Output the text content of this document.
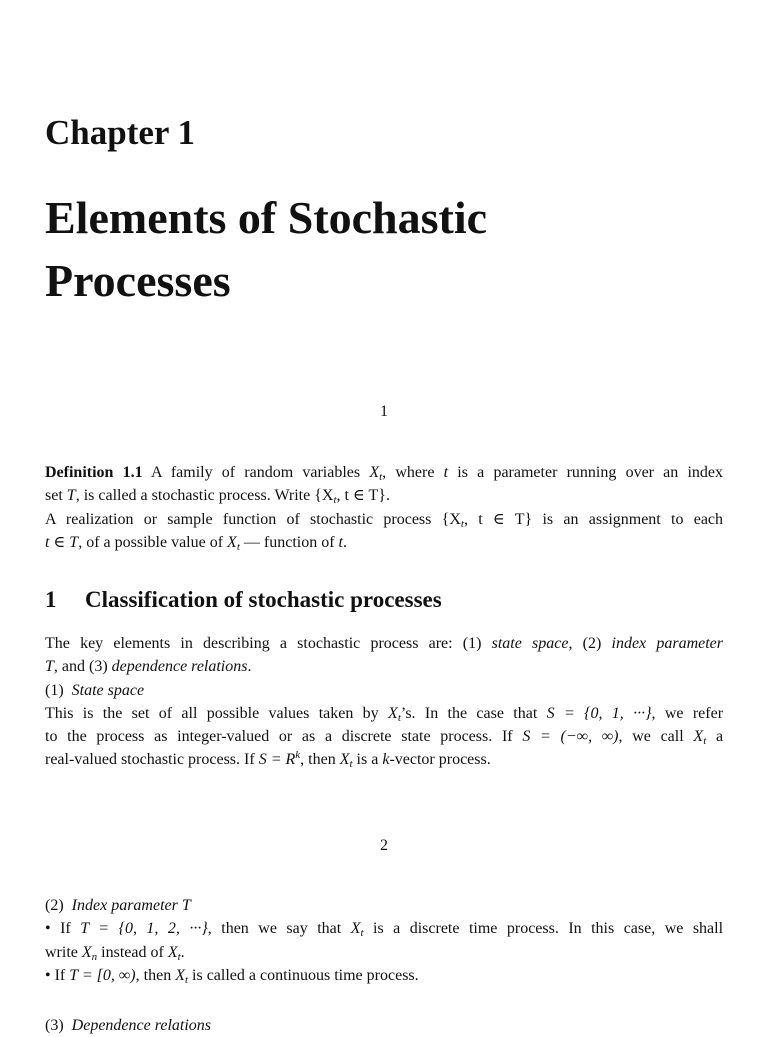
Chapter 1
Elements of Stochastic
Processes
1

Definition 1.1 A family of random variables $X_t$, where t is a parameter running over an index
set T, is called a stochastic process. Write {$X_t$, t ∈ T}.
A realization or sample function of stochastic process {$X_t$, t ∈ T} is an assignment to each
t ∈ T, of a possible value of $X_t$ — function of t.

1 Classification of stochastic processes

The key elements in describing a stochastic process are: (1) state space, (2) index parameter
T, and (3) dependence relations.
(1) State space
This is the set of all possible values taken by $X_t’s$. In the case that S = {0, 1, ···}, we refer
to the process as integer-valued or as a discrete state process. If S = (−∞, ∞), we call $X_t$ a
real-valued stochastic process. If $S = R^k$, then $X_t$ is a k-vector process.

2

(2) Index parameter T
• If T = {0, 1, 2, ···}, then we say that $X_t$ is a discrete time process. In this case, we shall
write $X_n$ instead of $X_t$.
• If T = [0, ∞), then $X_t$ is called a continuous time process.

(3) Dependence relations
